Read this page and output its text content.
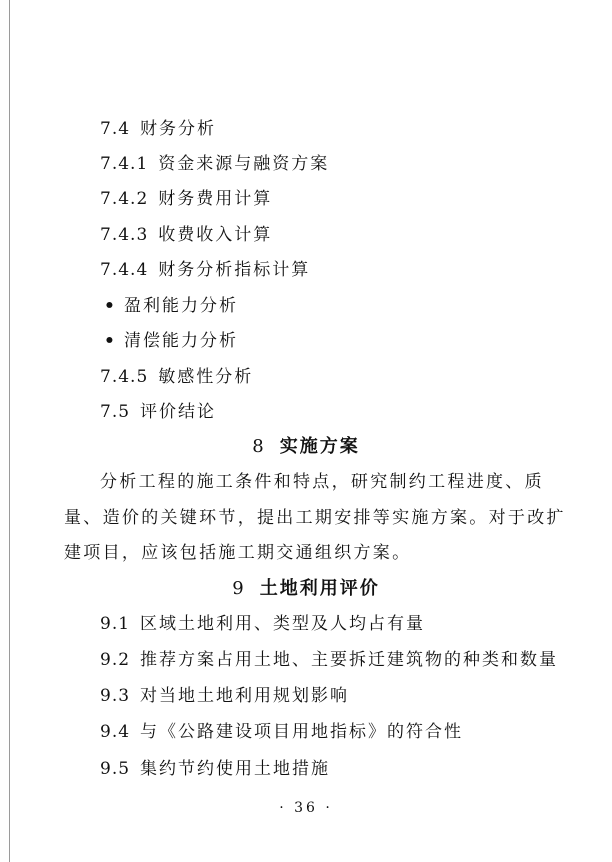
7.4 财务分析
7.4.1 资金来源与融资方案
7.4.2 财务费用计算
7.4.3 收费收入计算
7.4.4 财务分析指标计算
• 盈利能力分析
• 清偿能力分析
7.4.5 敏感性分析
7.5 评价结论
8 实施方案
分析工程的施工条件和特点，研究制约工程进度、质
量、造价的关键环节，提出工期安排等实施方案。对于改扩
建项目，应该包括施工期交通组织方案。
9 土地利用评价
9.1 区域土地利用、类型及人均占有量
9.2 推荐方案占用土地、主要拆迁建筑物的种类和数量
9.3 对当地土地利用规划影响
9.4 与《公路建设项目用地指标》的符合性
9.5 集约节约使用土地措施
· 36 ·
